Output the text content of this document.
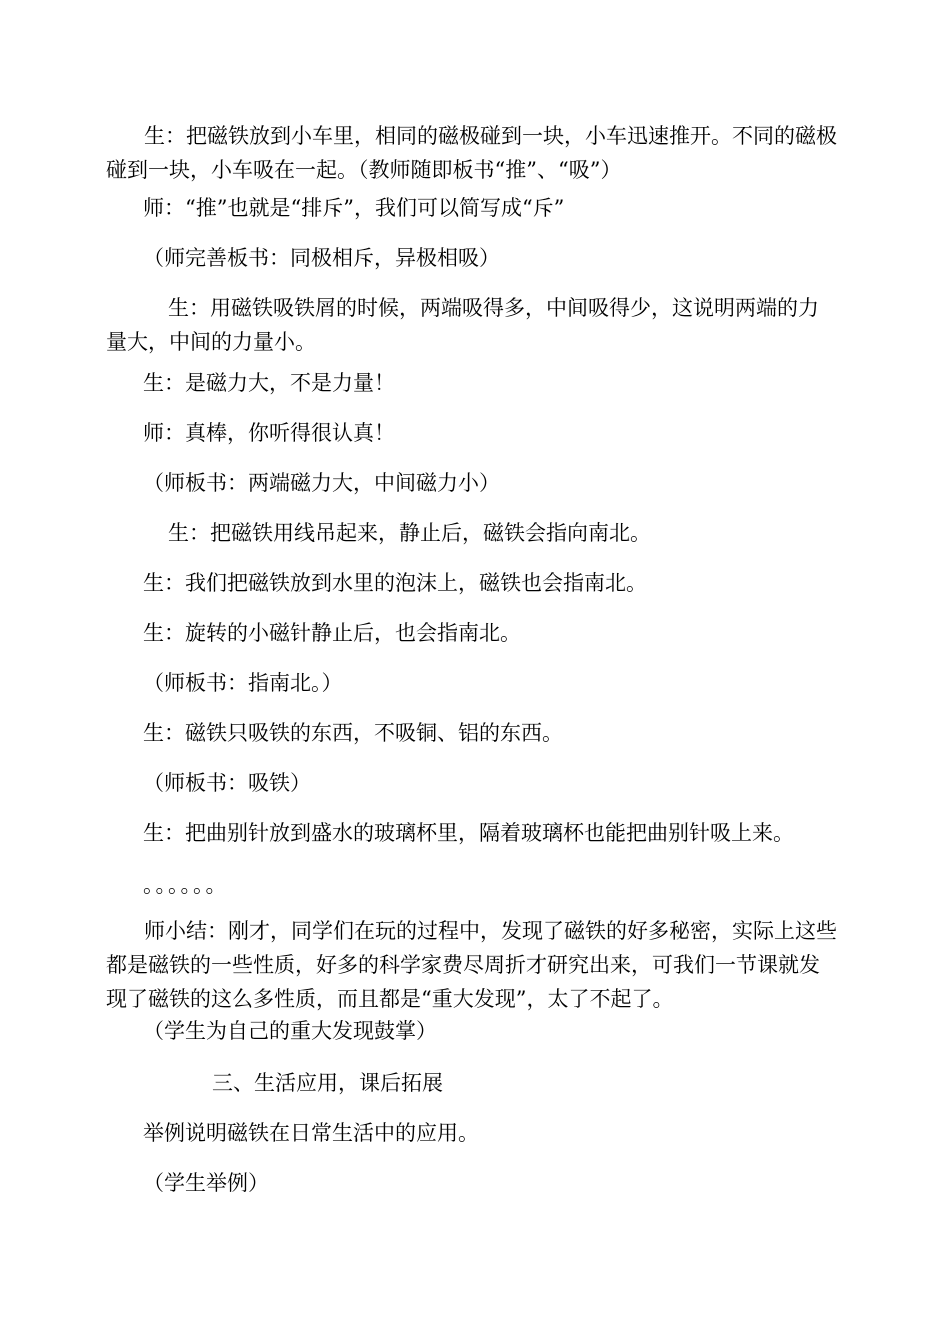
生：把磁铁放到小车里，相同的磁极碰到一块，小车迅速推开。不同的磁极碰到一块，小车吸在一起。（教师随即板书“推”、“吸”）

师：“推”也就是“排斥”，我们可以简写成“斥”
（师完善板书：同极相斥，异极相吸）

生：用磁铁吸铁屑的时候，两端吸得多，中间吸得少，这说明两端的力量大，中间的力量小。

生：是磁力大，不是力量！
师：真棒，你听得很认真！
（师板书：两端磁力大，中间磁力小）
生：把磁铁用线吊起来，静止后，磁铁会指向南北。
生：我们把磁铁放到水里的泡沫上，磁铁也会指南北。
生：旋转的小磁针静止后，也会指南北。
（师板书：指南北。）
生：磁铁只吸铁的东西，不吸铜、铝的东西。
（师板书：吸铁）
生：把曲别针放到盛水的玻璃杯里，隔着玻璃杯也能把曲别针吸上来。
。。。。。。

师小结：刚才，同学们在玩的过程中，发现了磁铁的好多秘密，实际上这些都是磁铁的一些性质，好多的科学家费尽周折才研究出来，可我们一节课就发现了磁铁的这么多性质，而且都是“重大发现”，太了不起了。

（学生为自己的重大发现鼓掌）
三、生活应用，课后拓展
举例说明磁铁在日常生活中的应用。
（学生举例）
